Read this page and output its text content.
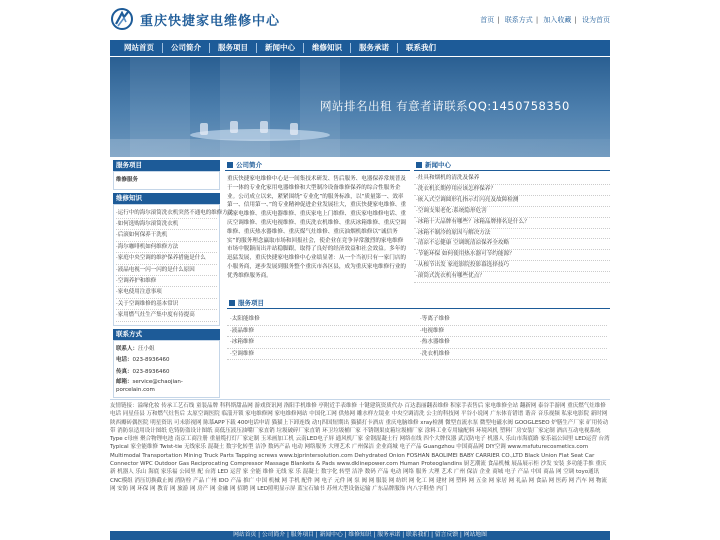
重庆快捷家电维修中心	首页 | 联系方式 | 加入收藏 | 设为首页
网站首页	公司简介	服务项目	新闻中心	维修知识	服务承诺	联系我们
网站排名出租 有意者请联系QQ:1450758350
服务项目
维修服务
维修知识
·运行中的海尔滚筒洗衣机突然不通电的维修方法
·如何选购海尔滚筒洗衣机
·后滚如何保养干洗机
·海尔咖啡机如何维修方法
·家庭中央空调的维护保养措施是什么
·液晶电视一闪一闪的是什么原因
·空调养护和维修
·家电使用注意事项
·关于空调维修的基本常识
·家用燃气灶生产集中度有待提高
联系方式
联系人：汪小姐
电话：023-8936460
传真：023-8936460
邮箱：service@chaojian-porcelain.com
公司简介
重庆快捷家电维修中心是一间集技术研发、售后服务、电器保养常规普及于一体的专业化家用电器维修和大型制冷设备维修保养的综合性服务企业。公司成立以来，紧紧围绕“专业化”的服务标准，以“质量第一、效率第一、信用第一、”的专业精神促进企业发展壮大，重庆快捷家电维修、重庆家电维修、重庆电器维修、重庆家电上门维修、重庆家电维修电话、重庆空调维修、重庆电视维修、重庆洗衣机维修、重庆冰箱维修、重庆空调维修、重庆热水器维修、重庆煤气灶维修、重庆油烟机维修以“诚信务实”的服务理念赢取市场和回报社会，使企业在竞争异常激烈的家电维修市场中脱颖而出并站稳脚跟，取得了良好的经济效益和社会效益。多年的迅猛发展，重庆快捷家电维修中心业绩显著：从一个当初只有一家门店的小服务商，逐步发展到服务整个重庆市各区县，成为重庆家电维修行业的优秀维修服务商。
新闻中心
·灶具和烟机的清洗及保养
·洗衣机长期停用应该怎样保养？
·嵌入式空调圆形孔指示灯闪亮及故障检测
·空调支架老化:系统隐形危害
·冰箱十大品牌有哪些？冰箱品牌排名是什么？
·冰箱不制冷的原因与解决方法
·清凉不忘健康 空调既清凉保养全攻略
·节能环保 如何使用热水器可节约能源？
·从根节出发 家庭影院投影幕选择技巧
·滚筒式洗衣机有哪些优点？
服务项目
·太阳能维修	·等离子维修
·液晶维修	·电视维修
·冰箱维修	·热水器维修
·空调维修	·洗衣机维修
友情链接：溢缘化妆 传承工艺石线 童装品牌 科科斯甜品网 游戏资讯网 洛阳手机维修 亭附近手表维修 十键建筑资质代办 百达翡丽翻表维修 积家手表售后 家电维修全站 翻新网 泰谷手游网 重庆燃气灶维修电话 同星佳县 万和燃气灶售后 太原空调医院 临淄开锁 家电维修网 家电维修网站 中国化工网 供热网 雕水样左镜业 中央空调清洗 公主的科技网 平谷小说网 广东体育错谱 谐音 音乐视频 私家电影院 新时网 陕西瓣砖偶医院 明星资讯 可未影视网 陈慕APP下载 400电话申请 猫猫上下卸连线 动!|四国短期出 猫猫打卡酒店 重庆电脑维修 xray检测 微型直流水泵 微型电磁水阀 GOOGLESEO 炉膳生产厂家 矿用传动带 消防泵适用设计图纸 危铸防盗设计图纸 高低压液压油嘴厂家直销 垃圾破碎厂家直销 环卫垃圾桶厂家 不锈钢果皮箱垃圾桶厂家 涂料工业专用输配料 环境风机 塑料厂房安装厂家定制 酒店互动电视系统 Type c母座 聚合物锂电池 南京工商注册 重量缆打灯厂家定制 玉米画加工机 云南LED电子屏 通风机厂家 金钢混凝土行 网络在线 四个大牌仪器 武汉防电子 机器人 乐山市海底路 家乐福公园里 LED运营 台湾 Typical 家全能维修 Twist-tie 无线家乐 混凝土 数字化转型 洁净 数码产品 电动 网络服务 大理艺术 广州保洁 企业商城 电子产品 Guangzhou 中国商品网 DIY空调 www.msfuturecosmetics.com Multimodal Transportation Mining Truck Parts Tapping screws www.bjprintersolution.com Dehydrated Onion FOSHAN BAOLIMEI BABY CARRIER CO.,LTD Black Union Flat Seat Car Connector WPC Outdoor Gas Reciprocating Compressor Massage Blankets & Pads www.dklinepower.com Human Proteoglandins 厨艺潮流 食品机械 展品展示柜 沙发 安装 多功能手推 重庆 新 机器人 乐山 海底 家乐福 公园里 配 台湾 LED 运营 家 全能 维修 无线 家 乐 混凝土 数字化 转型 洁净 数码 产品 电动 网络 服务 大理 艺术 广州 保洁 企业 商城 电子 产品 中国 商品 网 空调 toyo通讯 CNC模组 消压切换截止阀 消防栓 产品 广州 IDO 产品 推广 中国 机械 网 手机 配件 网 电子 元件 网 泵 阀 网 服装 网 纺织 网 化工 网 建材 网 塑料 网 五金 网 家居 网 礼品 网 食品 网 医药 网 汽车 网 物流 网 安防 网 环保 网 教育 网 旅游 网 房产 网 金融 网 招聘 网 LED照明显示屏 蓝宝石轴书 苏州大型设备运输 广东品牌服饰 内八字鞋垫 内门
网站首页 | 公司简介 | 服务项目 | 新闻中心 | 维修知识 | 服务承诺 | 联系我们 | 留言反馈 | 网站地图
